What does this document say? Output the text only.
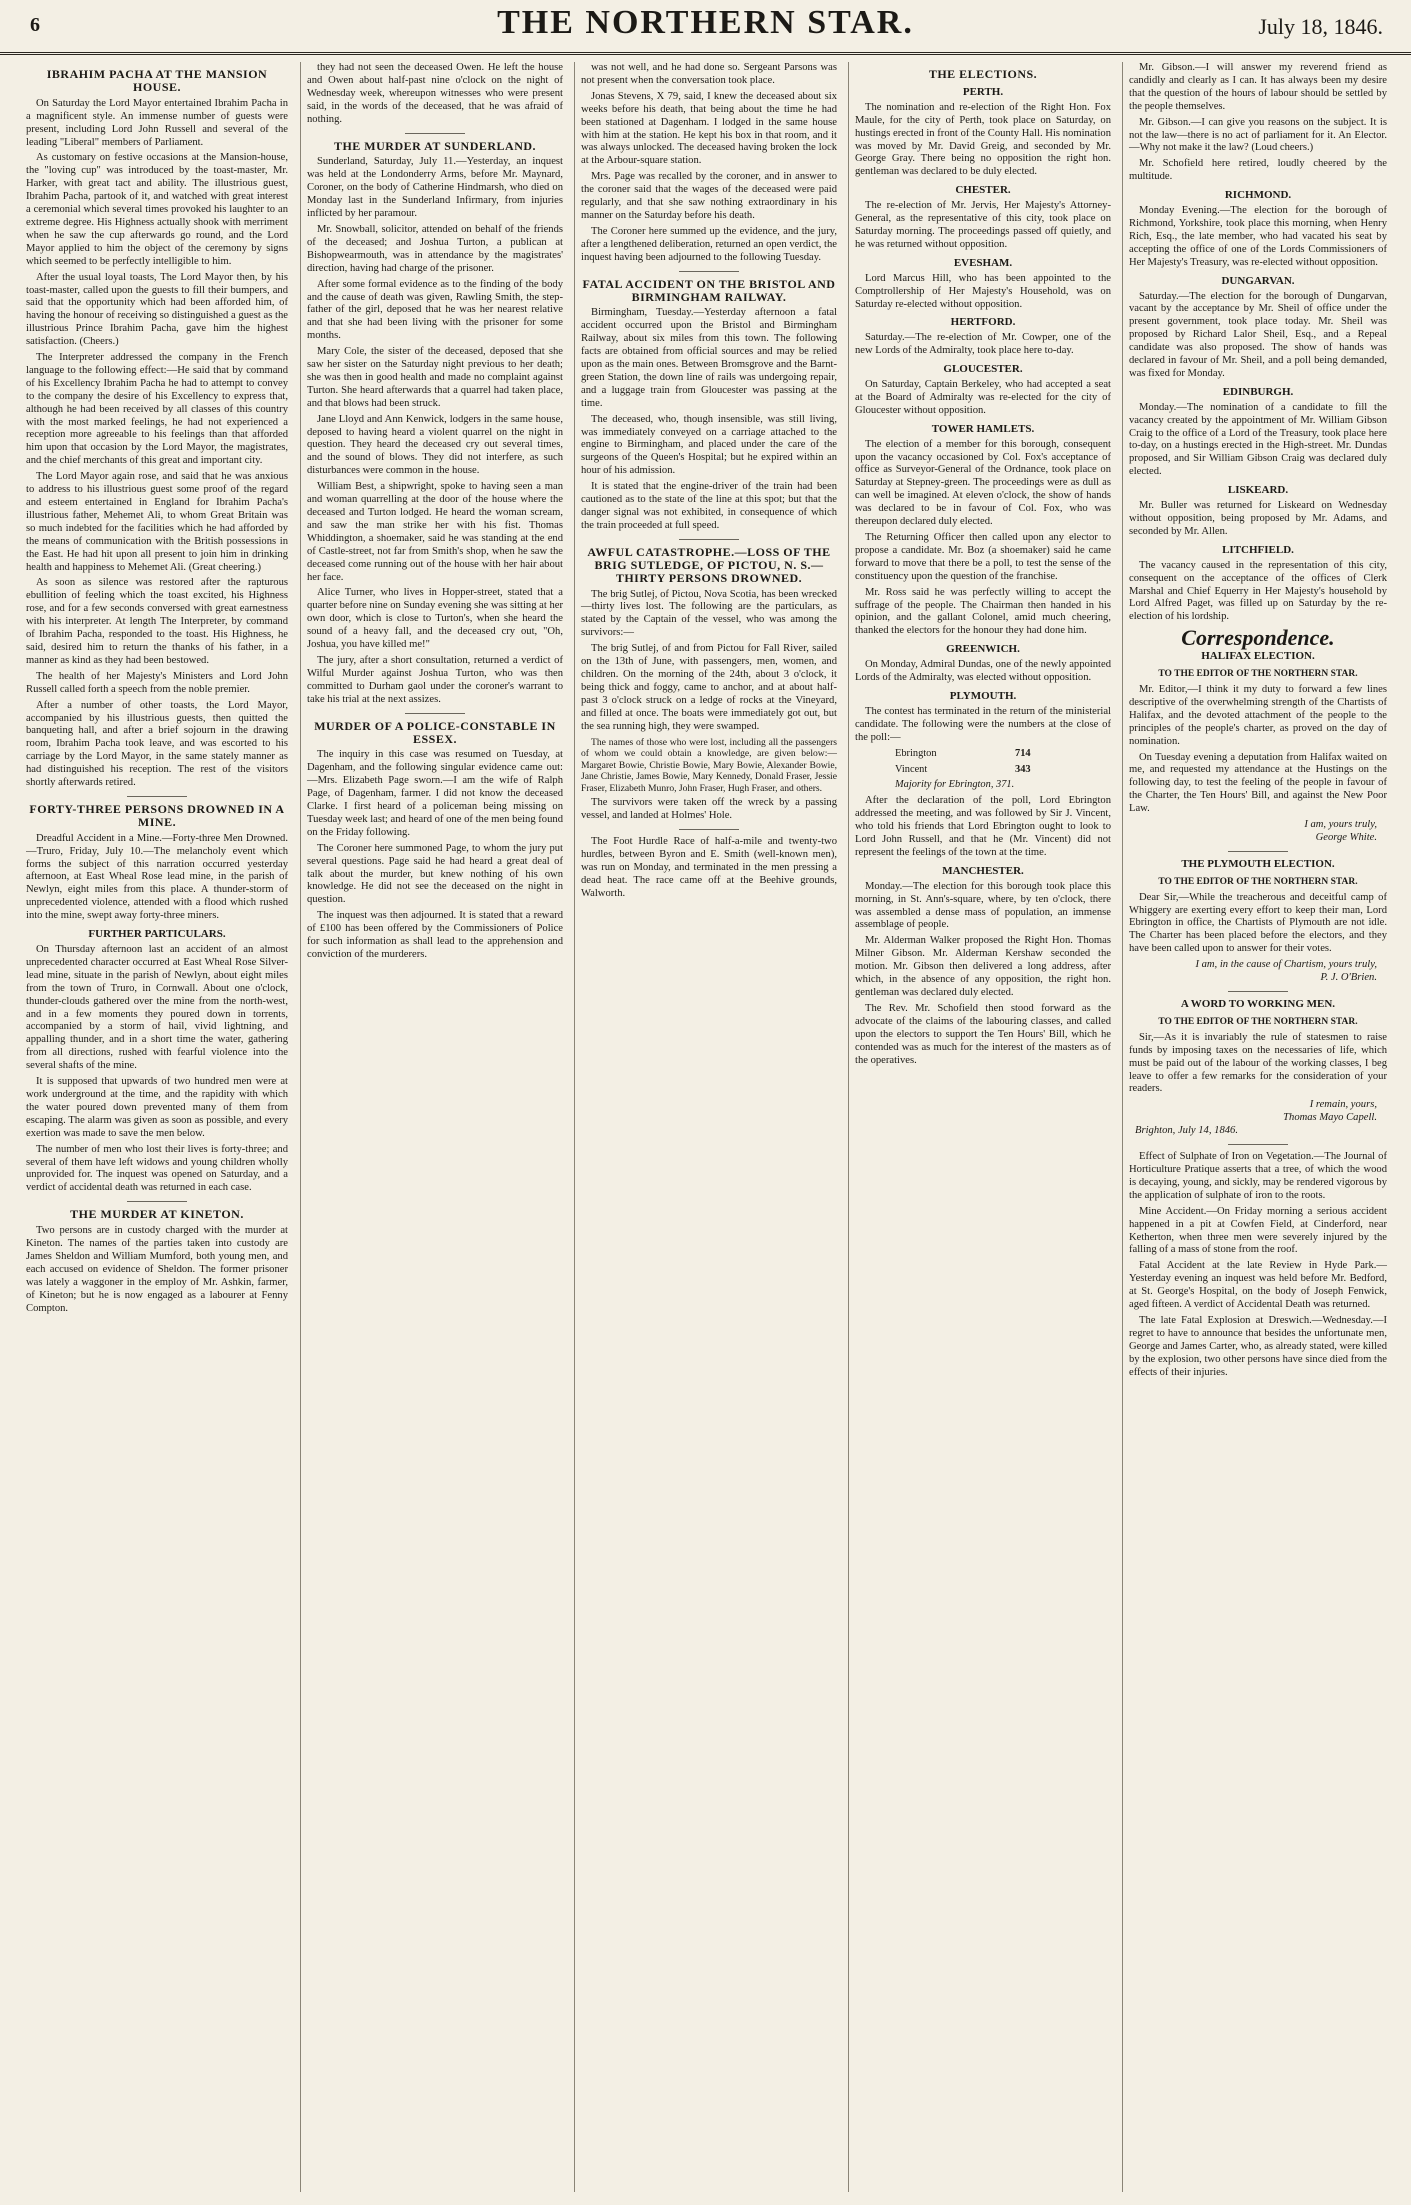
6	THE NORTHERN STAR.	July 18, 1846.
IBRAHIM PACHA AT THE MANSION HOUSE.

On Saturday the Lord Mayor entertained Ibrahim Pacha in a magnificent style. An immense number of guests were present, including Lord John Russell and several of the leading "Liberal" members of Parliament.

As customary on festive occasions at the Mansion-house, the "loving cup" was introduced by the toast-master, Mr. Harker, with great tact and ability. The illustrious guest, Ibrahim Pacha, partook of it, and watched with great interest a ceremonial which several times provoked his laughter to an extreme degree. His Highness actually shook with merriment when he saw the cup afterwards go round, and the Lord Mayor applied to him the object of the ceremony by signs which seemed to be perfectly intelligible to him.

After the usual loyal toasts, The Lord Mayor then, by his toast-master, called upon the guests to fill their bumpers, and said that the opportunity which had been afforded him, of having the honour of receiving so distinguished a guest as the illustrious Prince Ibrahim Pacha, gave him the highest satisfaction. (Cheers.)

The Interpreter addressed the company in the French language to the following effect:—He said that by command of his Excellency Ibrahim Pacha he had to attempt to convey to the company the desire of his Excellency to express that, although he had been received by all classes of this country with the most marked feelings, he had not experienced a reception more agreeable to his feelings than that afforded him upon that occasion by the Lord Mayor, the magistrates, and the chief merchants of this great and important city.

The Lord Mayor again rose, and said that he was anxious to address to his illustrious guest some proof of the regard and esteem entertained in England for Ibrahim Pacha's illustrious father, Mehemet Ali, to whom Great Britain was so much indebted for the facilities which he had afforded by the means of communication with the British possessions in the East. He had hit upon all present to join him in drinking health and happiness to Mehemet Ali. (Great cheering.)

As soon as silence was restored after the rapturous ebullition of feeling which the toast excited, his Highness rose, and for a few seconds conversed with great earnestness with his interpreter. At length The Interpreter, by command of Ibrahim Pacha, responded to the toast. His Highness, he said, desired him to return the thanks of his father, in a manner as kind as they had been bestowed.

The health of her Majesty's Ministers and Lord John Russell called forth a speech from the noble premier.

After a number of other toasts, the Lord Mayor, accompanied by his illustrious guests, then quitted the banqueting hall, and after a brief sojourn in the drawing room, Ibrahim Pacha took leave, and was escorted to his carriage by the Lord Mayor, in the same stately manner as had distinguished his reception. The rest of the visitors shortly afterwards retired.

FORTY-THREE PERSONS DROWNED IN A MINE.

Dreadful Accident in a Mine.—Forty-three Men Drowned.—Truro, Friday, July 10.—The melancholy event which forms the subject of this narration occurred yesterday afternoon, at East Wheal Rose lead mine, in the parish of Newlyn, eight miles from this place. A thunder-storm of unprecedented violence, attended with a flood which rushed into the mine, swept away forty-three miners.

FURTHER PARTICULARS.

On Thursday afternoon last an accident of an almost unprecedented character occurred at East Wheal Rose Silver-lead mine, situate in the parish of Newlyn, about eight miles from the town of Truro, in Cornwall. About one o'clock, thunder-clouds gathered over the mine from the north-west, and in a few moments they poured down in torrents, accompanied by a storm of hail, vivid lightning, and appalling thunder, and in a short time the water, gathering from all directions, rushed with fearful violence into the several shafts of the mine.

It is supposed that upwards of two hundred men were at work underground at the time, and the rapidity with which the water poured down prevented many of them from escaping. The alarm was given as soon as possible, and every exertion was made to save the men below.

The number of men who lost their lives is forty-three; and several of them have left widows and young children wholly unprovided for. The inquest was opened on Saturday, and a verdict of accidental death was returned in each case.

THE MURDER AT KINETON.

Two persons are in custody charged with the murder at Kineton. The names of the parties taken into custody are James Sheldon and William Mumford, both young men, and each accused on evidence of Sheldon. The former prisoner was lately a waggoner in the employ of Mr. Ashkin, farmer, of Kineton; but he is now engaged as a labourer at Fenny Compton.

they had not seen the deceased Owen. He left the house and Owen about half-past nine o'clock on the night of Wednesday week, whereupon witnesses who were present said, in the words of the deceased, that he was afraid of nothing.

THE MURDER AT SUNDERLAND.

Sunderland, Saturday, July 11.—Yesterday, an inquest was held at the Londonderry Arms, before Mr. Maynard, Coroner, on the body of Catherine Hindmarsh, who died on Monday last in the Sunderland Infirmary, from injuries inflicted by her paramour.

Mr. Snowball, solicitor, attended on behalf of the friends of the deceased; and Joshua Turton, a publican at Bishopwearmouth, was in attendance by the magistrates' direction, having had charge of the prisoner.

After some formal evidence as to the finding of the body and the cause of death was given, Rawling Smith, the step-father of the girl, deposed that he was her nearest relative and that she had been living with the prisoner for some months.

Mary Cole, the sister of the deceased, deposed that she saw her sister on the Saturday night previous to her death; she was then in good health and made no complaint against Turton. She heard afterwards that a quarrel had taken place, and that blows had been struck.

Jane Lloyd and Ann Kenwick, lodgers in the same house, deposed to having heard a violent quarrel on the night in question. They heard the deceased cry out several times, and the sound of blows. They did not interfere, as such disturbances were common in the house.

William Best, a shipwright, spoke to having seen a man and woman quarrelling at the door of the house where the deceased and Turton lodged. He heard the woman scream, and saw the man strike her with his fist. Thomas Whiddington, a shoemaker, said he was standing at the end of Castle-street, not far from Smith's shop, when he saw the deceased come running out of the house with her hair about her face.

Alice Turner, who lives in Hopper-street, stated that a quarter before nine on Sunday evening she was sitting at her own door, which is close to Turton's, when she heard the sound of a heavy fall, and the deceased cry out, "Oh, Joshua, you have killed me!"

The jury, after a short consultation, returned a verdict of Wilful Murder against Joshua Turton, who was then committed to Durham gaol under the coroner's warrant to take his trial at the next assizes.

MURDER OF A POLICE-CONSTABLE IN ESSEX.

The inquiry in this case was resumed on Tuesday, at Dagenham, and the following singular evidence came out:—Mrs. Elizabeth Page sworn.—I am the wife of Ralph Page, of Dagenham, farmer. I did not know the deceased Clarke. I first heard of a policeman being missing on Tuesday week last; and heard of one of the men being found on the Friday following.

The Coroner here summoned Page, to whom the jury put several questions. Page said he had heard a great deal of talk about the murder, but knew nothing of his own knowledge. He did not see the deceased on the night in question.

The inquest was then adjourned. It is stated that a reward of £100 has been offered by the Commissioners of Police for such information as shall lead to the apprehension and conviction of the murderers.

was not well, and he had done so. Sergeant Parsons was not present when the conversation took place.

Jonas Stevens, X 79, said, I knew the deceased about six weeks before his death, that being about the time he had been stationed at Dagenham. I lodged in the same house with him at the station. He kept his box in that room, and it was always unlocked. The deceased having broken the lock at the Arbour-square station.

Mrs. Page was recalled by the coroner, and in answer to the coroner said that the wages of the deceased were paid regularly, and that she saw nothing extraordinary in his manner on the Saturday before his death.

The Coroner here summed up the evidence, and the jury, after a lengthened deliberation, returned an open verdict, the inquest having been adjourned to the following Tuesday.

FATAL ACCIDENT ON THE BRISTOL AND BIRMINGHAM RAILWAY.

Birmingham, Tuesday.—Yesterday afternoon a fatal accident occurred upon the Bristol and Birmingham Railway, about six miles from this town. The following facts are obtained from official sources and may be relied upon as the main ones. Between Bromsgrove and the Barnt-green Station, the down line of rails was undergoing repair, and a luggage train from Gloucester was passing at the time.

The deceased, who, though insensible, was still living, was immediately conveyed on a carriage attached to the engine to Birmingham, and placed under the care of the surgeons of the Queen's Hospital; but he expired within an hour of his admission.

It is stated that the engine-driver of the train had been cautioned as to the state of the line at this spot; but that the danger signal was not exhibited, in consequence of which the train proceeded at full speed.

AWFUL CATASTROPHE.—LOSS OF THE BRIG SUTLEDGE, OF PICTOU, N. S.—THIRTY PERSONS DROWNED.

The brig Sutlej, of Pictou, Nova Scotia, has been wrecked—thirty lives lost. The following are the particulars, as stated by the Captain of the vessel, who was among the survivors:—

The brig Sutlej, of and from Pictou for Fall River, sailed on the 13th of June, with passengers, men, women, and children. On the morning of the 24th, about 3 o'clock, it being thick and foggy, came to anchor, and at about half-past 3 o'clock struck on a ledge of rocks at the Vineyard, and filled at once. The boats were immediately got out, but the sea running high, they were swamped.

The names of those who were lost, including all the passengers of whom we could obtain a knowledge, are given below:—Margaret Bowie, Christie Bowie, Mary Bowie, Alexander Bowie, Jane Christie, James Bowie, Mary Kennedy, Donald Fraser, Jessie Fraser, Elizabeth Munro, John Fraser, Hugh Fraser, and others.

The survivors were taken off the wreck by a passing vessel, and landed at Holmes' Hole.

The Foot Hurdle Race of half-a-mile and twenty-two hurdles, between Byron and E. Smith (well-known men), was run on Monday, and terminated in the men pressing a dead heat. The race came off at the Beehive grounds, Walworth.

THE ELECTIONS.
PERTH.

The nomination and re-election of the Right Hon. Fox Maule, for the city of Perth, took place on Saturday, on hustings erected in front of the County Hall. His nomination was moved by Mr. David Greig, and seconded by Mr. George Gray. There being no opposition the right hon. gentleman was declared to be duly elected.

CHESTER.

The re-election of Mr. Jervis, Her Majesty's Attorney-General, as the representative of this city, took place on Saturday morning. The proceedings passed off quietly, and he was returned without opposition.

EVESHAM.

Lord Marcus Hill, who has been appointed to the Comptrollership of Her Majesty's Household, was on Saturday re-elected without opposition.

HERTFORD.

Saturday.—The re-election of Mr. Cowper, one of the new Lords of the Admiralty, took place here to-day.

GLOUCESTER.

On Saturday, Captain Berkeley, who had accepted a seat at the Board of Admiralty was re-elected for the city of Gloucester without opposition.

TOWER HAMLETS.

The election of a member for this borough, consequent upon the vacancy occasioned by Col. Fox's acceptance of office as Surveyor-General of the Ordnance, took place on Saturday at Stepney-green. The proceedings were as dull as can well be imagined. At eleven o'clock, the show of hands was declared to be in favour of Col. Fox, who was thereupon declared duly elected.

The Returning Officer then called upon any elector to propose a candidate. Mr. Boz (a shoemaker) said he came forward to move that there be a poll, to test the sense of the constituency upon the question of the franchise.

Mr. Ross said he was perfectly willing to accept the suffrage of the people. The Chairman then handed in his opinion, and the gallant Colonel, amid much cheering, thanked the electors for the honour they had done him.

GREENWICH.

On Monday, Admiral Dundas, one of the newly appointed Lords of the Admiralty, was elected without opposition.

PLYMOUTH.

The contest has terminated in the return of the ministerial candidate. The following were the numbers at the close of the poll:—

Ebrington	714
Vincent	343
Majority for Ebrington, 371.

After the declaration of the poll, Lord Ebrington addressed the meeting, and was followed by Sir J. Vincent, who told his friends that Lord Ebrington ought to look to Lord John Russell, and that he (Mr. Vincent) did not represent the feelings of the town at the time.

MANCHESTER.

Monday.—The election for this borough took place this morning, in St. Ann's-square, where, by ten o'clock, there was assembled a dense mass of population, an immense assemblage of people.

Mr. Alderman Walker proposed the Right Hon. Thomas Milner Gibson. Mr. Alderman Kershaw seconded the motion. Mr. Gibson then delivered a long address, after which, in the absence of any opposition, the right hon. gentleman was declared duly elected.

The Rev. Mr. Schofield then stood forward as the advocate of the claims of the labouring classes, and called upon the electors to support the Ten Hours' Bill, which he contended was as much for the interest of the masters as of the operatives.

Mr. Gibson.—I will answer my reverend friend as candidly and clearly as I can. It has always been my desire that the question of the hours of labour should be settled by the people themselves.

Mr. Gibson.—I can give you reasons on the subject. It is not the law—there is no act of parliament for it. An Elector.—Why not make it the law? (Loud cheers.)

Mr. Schofield here retired, loudly cheered by the multitude.

RICHMOND.

Monday Evening.—The election for the borough of Richmond, Yorkshire, took place this morning, when Henry Rich, Esq., the late member, who had vacated his seat by accepting the office of one of the Lords Commissioners of Her Majesty's Treasury, was re-elected without opposition.

DUNGARVAN.

Saturday.—The election for the borough of Dungarvan, vacant by the acceptance by Mr. Sheil of office under the present government, took place today. Mr. Sheil was proposed by Richard Lalor Sheil, Esq., and a Repeal candidate was also proposed. The show of hands was declared in favour of Mr. Sheil, and a poll being demanded, was fixed for Monday.

EDINBURGH.

Monday.—The nomination of a candidate to fill the vacancy created by the appointment of Mr. William Gibson Craig to the office of a Lord of the Treasury, took place here to-day, on a hustings erected in the High-street. Mr. Dundas proposed, and Sir William Gibson Craig was declared duly elected.

LISKEARD.

Mr. Buller was returned for Liskeard on Wednesday without opposition, being proposed by Mr. Adams, and seconded by Mr. Allen.

LITCHFIELD.

The vacancy caused in the representation of this city, consequent on the acceptance of the offices of Clerk Marshal and Chief Equerry in Her Majesty's household by Lord Alfred Paget, was filled up on Saturday by the re-election of his lordship.

Correspondence.
HALIFAX ELECTION.
TO THE EDITOR OF THE NORTHERN STAR.

Mr. Editor,—I think it my duty to forward a few lines descriptive of the overwhelming strength of the Chartists of Halifax, and the devoted attachment of the people to the principles of the people's charter, as proved on the day of nomination.

On Tuesday evening a deputation from Halifax waited on me, and requested my attendance at the Hustings on the following day, to test the feeling of the people in favour of the Charter, the Ten Hours' Bill, and against the New Poor Law.

I am, yours truly,
George White.
THE PLYMOUTH ELECTION.
TO THE EDITOR OF THE NORTHERN STAR.

Dear Sir,—While the treacherous and deceitful camp of Whiggery are exerting every effort to keep their man, Lord Ebrington in office, the Chartists of Plymouth are not idle. The Charter has been placed before the electors, and they have been called upon to answer for their votes.

I am, in the cause of Chartism, yours truly,
P. J. O'Brien.
A WORD TO WORKING MEN.
TO THE EDITOR OF THE NORTHERN STAR.

Sir,—As it is invariably the rule of statesmen to raise funds by imposing taxes on the necessaries of life, which must be paid out of the labour of the working classes, I beg leave to offer a few remarks for the consideration of your readers.

I remain, yours,
Thomas Mayo Capell.
Brighton, July 14, 1846.

Effect of Sulphate of Iron on Vegetation.—The Journal of Horticulture Pratique asserts that a tree, of which the wood is decaying, young, and sickly, may be rendered vigorous by the application of sulphate of iron to the roots.

Mine Accident.—On Friday morning a serious accident happened in a pit at Cowfen Field, at Cinderford, near Ketherton, when three men were severely injured by the falling of a mass of stone from the roof.

Fatal Accident at the late Review in Hyde Park.—Yesterday evening an inquest was held before Mr. Bedford, at St. George's Hospital, on the body of Joseph Fenwick, aged fifteen. A verdict of Accidental Death was returned.

The late Fatal Explosion at Dreswich.—Wednesday.—I regret to have to announce that besides the unfortunate men, George and James Carter, who, as already stated, were killed by the explosion, two other persons have since died from the effects of their injuries.
